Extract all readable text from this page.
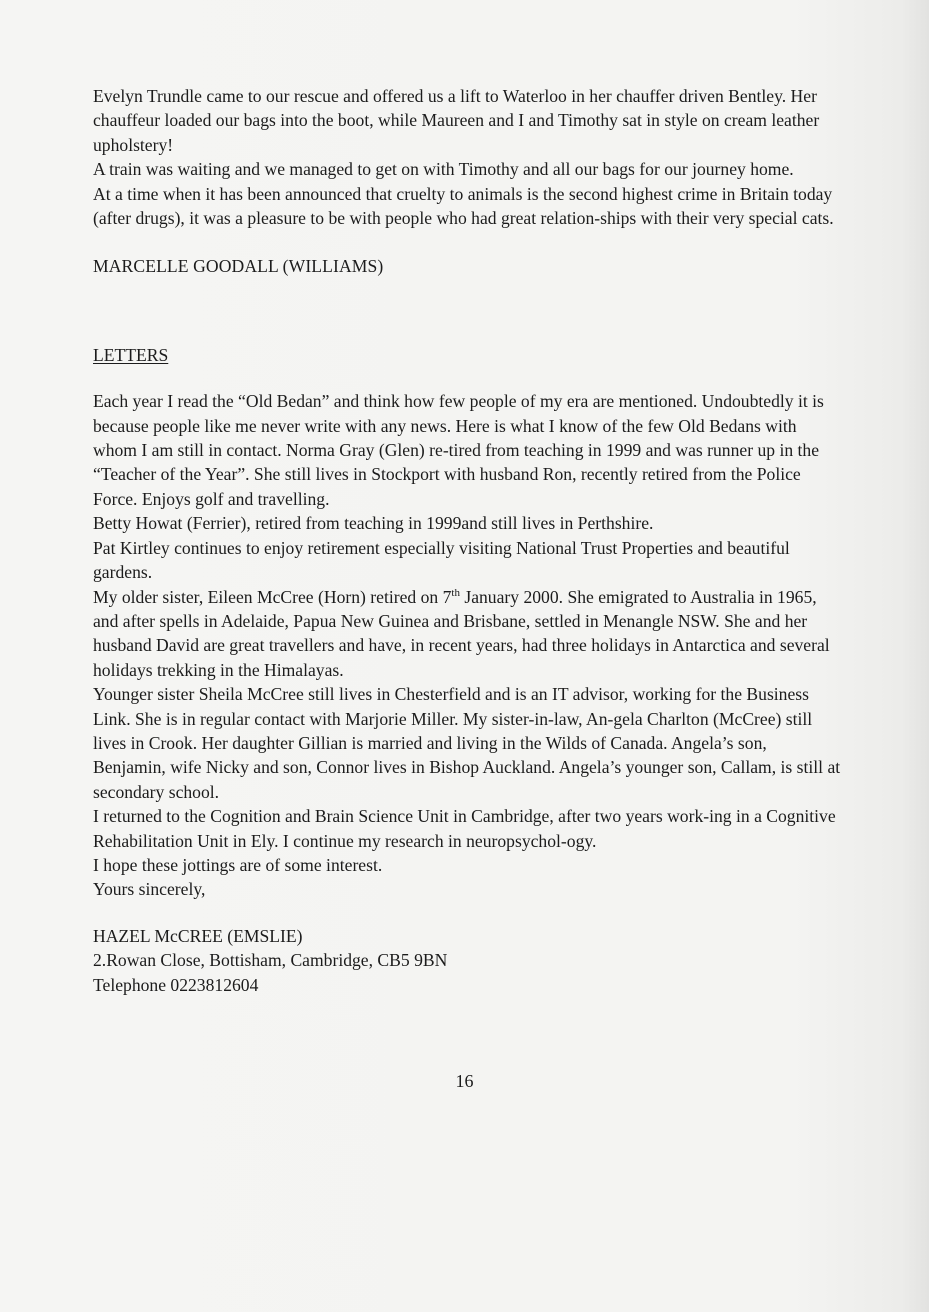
Evelyn Trundle came to our rescue and offered us a lift to Waterloo in her chauffer driven Bentley. Her chauffeur loaded our bags into the boot, while Maureen and I and Timothy sat in style on cream leather upholstery!

A train was waiting and we managed to get on with Timothy and all our bags for our journey home.

At a time when it has been announced that cruelty to animals is the second highest crime in Britain today (after drugs), it was a pleasure to be with people who had great relation-ships with their very special cats.

MARCELLE GOODALL (WILLIAMS)

LETTERS

Each year I read the “Old Bedan” and think how few people of my era are mentioned. Undoubtedly it is because people like me never write with any news. Here is what I know of the few Old Bedans with whom I am still in contact. Norma Gray (Glen) re-tired from teaching in 1999 and was runner up in the “Teacher of the Year”. She still lives in Stockport with husband Ron, recently retired from the Police Force. Enjoys golf and travelling.

Betty Howat (Ferrier), retired from teaching in 1999and still lives in Perthshire.

Pat Kirtley continues to enjoy retirement especially visiting National Trust Properties and beautiful gardens.

My older sister, Eileen McCree (Horn) retired on 7th January 2000. She emigrated to Australia in 1965, and after spells in Adelaide, Papua New Guinea and Brisbane, settled in Menangle NSW. She and her husband David are great travellers and have, in recent years, had three holidays in Antarctica and several holidays trekking in the Himalayas.

Younger sister Sheila McCree still lives in Chesterfield and is an IT advisor, working for the Business Link. She is in regular contact with Marjorie Miller. My sister-in-law, An-gela Charlton (McCree) still lives in Crook. Her daughter Gillian is married and living in the Wilds of Canada. Angela’s son, Benjamin, wife Nicky and son, Connor lives in Bishop Auckland. Angela’s younger son, Callam, is still at secondary school.

I returned to the Cognition and Brain Science Unit in Cambridge, after two years work-ing in a Cognitive Rehabilitation Unit in Ely. I continue my research in neuropsychol-ogy.

I hope these jottings are of some interest.

Yours sincerely,

HAZEL McCREE (EMSLIE)

2.Rowan Close, Bottisham, Cambridge, CB5 9BN

Telephone 0223812604

16
